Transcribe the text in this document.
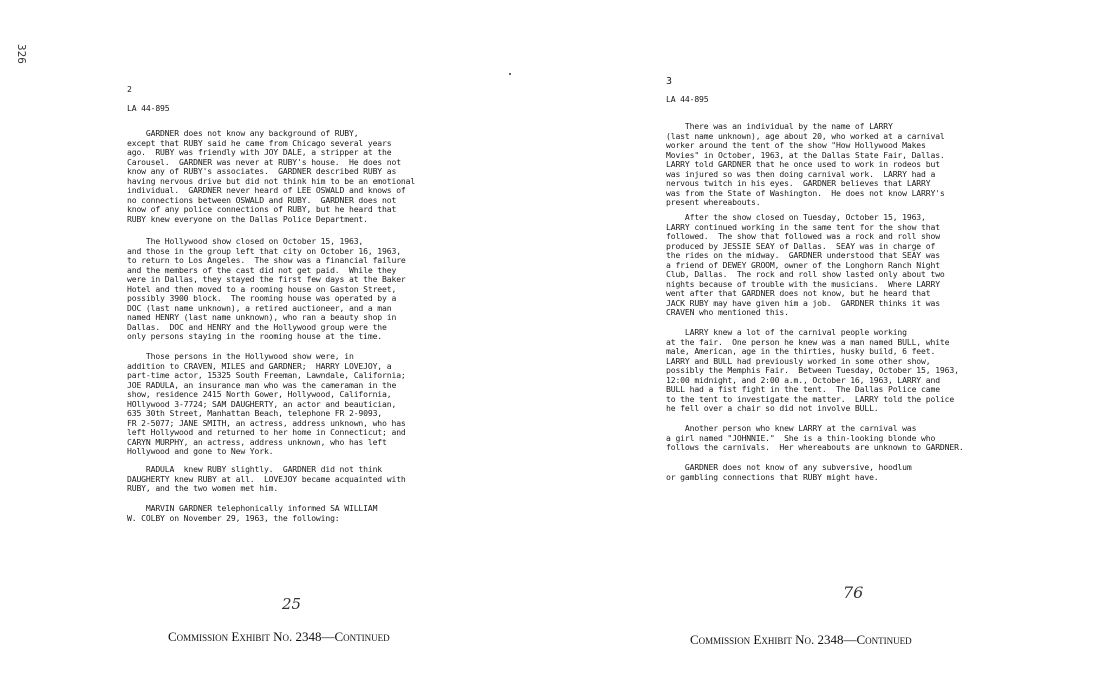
326
2
LA 44-895

GARDNER does not know any background of RUBY,

except that RUBY said he came from Chicago several years

ago.  RUBY was friendly with JOY DALE, a stripper at the

Carousel.  GARDNER was never at RUBY's house.  He does not

know any of RUBY's associates.  GARDNER described RUBY as

having nervous drive but did not think him to be an emotional

individual.  GARDNER never heard of LEE OSWALD and knows of

no connections between OSWALD and RUBY.  GARDNER does not

know of any police connections of RUBY, but he heard that

RUBY knew everyone on the Dallas Police Department.

The Hollywood show closed on October 15, 1963,

and those in the group left that city on October 16, 1963,

to return to Los Angeles.  The show was a financial failure

and the members of the cast did not get paid.  While they

were in Dallas, they stayed the first few days at the Baker

Hotel and then moved to a rooming house on Gaston Street,

possibly 3900 block.  The rooming house was operated by a

DOC (last name unknown), a retired auctioneer, and a man

named HENRY (last name unknown), who ran a beauty shop in

Dallas.  DOC and HENRY and the Hollywood group were the

only persons staying in the rooming house at the time.

Those persons in the Hollywood show were, in

addition to CRAVEN, MILES and GARDNER;  HARRY LOVEJOY, a

part-time actor, 15325 South Freeman, Lawndale, California;

JOE RADULA, an insurance man who was the cameraman in the

show, residence 2415 North Gower, Hollywood, California,

HOllywood 3-7724; SAM DAUGHERTY, an actor and beautician,

635 30th Street, Manhattan Beach, telephone FR 2-9093,

FR 2-5077; JANE SMITH, an actress, address unknown, who has

left Hollywood and returned to her home in Connecticut; and

CARYN MURPHY, an actress, address unknown, who has left

Hollywood and gone to New York.

RADULA  knew RUBY slightly.  GARDNER did not think

DAUGHERTY knew RUBY at all.  LOVEJOY became acquainted with

RUBY, and the two women met him.

MARVIN GARDNER telephonically informed SA WILLIAM

W. COLBY on November 29, 1963, the following:

25
Commission Exhibit No. 2348—Continued
3
LA 44-895

There was an individual by the name of LARRY

(last name unknown), age about 20, who worked at a carnival

worker around the tent of the show "How Hollywood Makes

Movies" in October, 1963, at the Dallas State Fair, Dallas.

LARRY told GARDNER that he once used to work in rodeos but

was injured so was then doing carnival work.  LARRY had a

nervous twitch in his eyes.  GARDNER believes that LARRY

was from the State of Washington.  He does not know LARRY's

present whereabouts.

After the show closed on Tuesday, October 15, 1963,

LARRY continued working in the same tent for the show that

followed.  The show that followed was a rock and roll show

produced by JESSIE SEAY of Dallas.  SEAY was in charge of

the rides on the midway.  GARDNER understood that SEAY was

a friend of DEWEY GROOM, owner of the Longhorn Ranch Night

Club, Dallas.  The rock and roll show lasted only about two

nights because of trouble with the musicians.  Where LARRY

went after that GARDNER does not know, but he heard that

JACK RUBY may have given him a job.  GARDNER thinks it was

CRAVEN who mentioned this.

LARRY knew a lot of the carnival people working

at the fair.  One person he knew was a man named BULL, white

male, American, age in the thirties, husky build, 6 feet.

LARRY and BULL had previously worked in some other show,

possibly the Memphis Fair.  Between Tuesday, October 15, 1963,

12:00 midnight, and 2:00 a.m., October 16, 1963, LARRY and

BULL had a fist fight in the tent.  The Dallas Police came

to the tent to investigate the matter.  LARRY told the police

he fell over a chair so did not involve BULL.

Another person who knew LARRY at the carnival was

a girl named "JOHNNIE."  She is a thin-looking blonde who

follows the carnivals.  Her whereabouts are unknown to GARDNER.

GARDNER does not know of any subversive, hoodlum

or gambling connections that RUBY might have.

76
Commission Exhibit No. 2348—Continued
